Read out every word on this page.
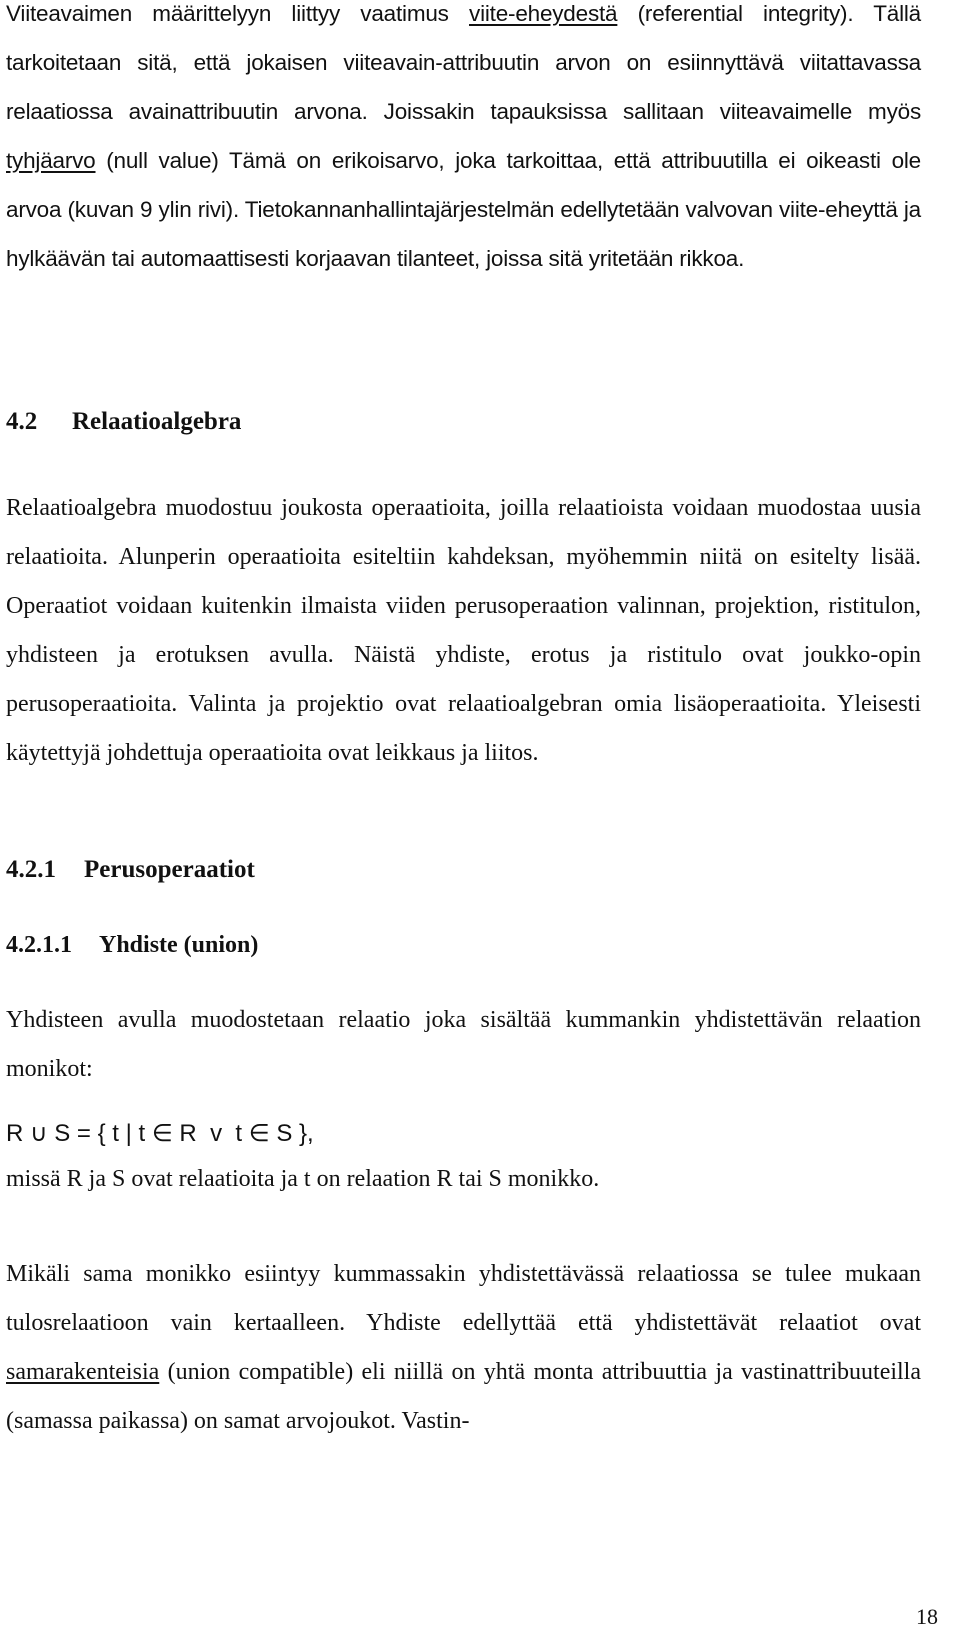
Viiteavaimen määrittelyyn liittyy vaatimus viite-eheydestä (referential integrity). Tällä tarkoitetaan sitä, että jokaisen viiteavain-attribuutin arvon on esiinnyttävä viitattavassa relaatiossa avainattribuutin arvona. Joissakin tapauksissa sallitaan viiteavaimelle myös tyhjäarvo (null value) Tämä on erikoisarvo, joka tarkoittaa, että attribuutilla ei oikeasti ole arvoa (kuvan 9 ylin rivi). Tietokannanhallintajärjestelmän edellytetään valvovan viite-eheyttä ja hylkäävän tai automaattisesti korjaavan tilanteet, joissa sitä yritetään rikkoa.

4.2 Relaatioalgebra

Relaatioalgebra muodostuu joukosta operaatioita, joilla relaatioista voidaan muodostaa uusia relaatioita. Alunperin operaatioita esiteltiin kahdeksan, myöhemmin niitä on esitelty lisää. Operaatiot voidaan kuitenkin ilmaista viiden perusoperaation valinnan, projektion, ristitulon, yhdisteen ja erotuksen avulla. Näistä yhdiste, erotus ja ristitulo ovat joukko-opin perusoperaatioita. Valinta ja projektio ovat relaatioalgebran omia lisäoperaatioita. Yleisesti käytettyjä johdettuja operaatioita ovat leikkaus ja liitos.

4.2.1 Perusoperaatiot
4.2.1.1 Yhdiste (union)

Yhdisteen avulla muodostetaan relaatio joka sisältää kummankin yhdistettävän relaation monikot:

R ∪ S = { t | t ∈ R  v  t ∈ S },

missä R ja S ovat relaatioita ja t on relaation R tai S monikko.

Mikäli sama monikko esiintyy kummassakin yhdistettävässä relaatiossa se tulee mukaan tulosrelaatioon vain kertaalleen. Yhdiste edellyttää että yhdistettävät relaatiot ovat samarakenteisia (union compatible) eli niillä on yhtä monta attribuuttia ja vastinattribuuteilla (samassa paikassa) on samat arvojoukot. Vastin-

18
